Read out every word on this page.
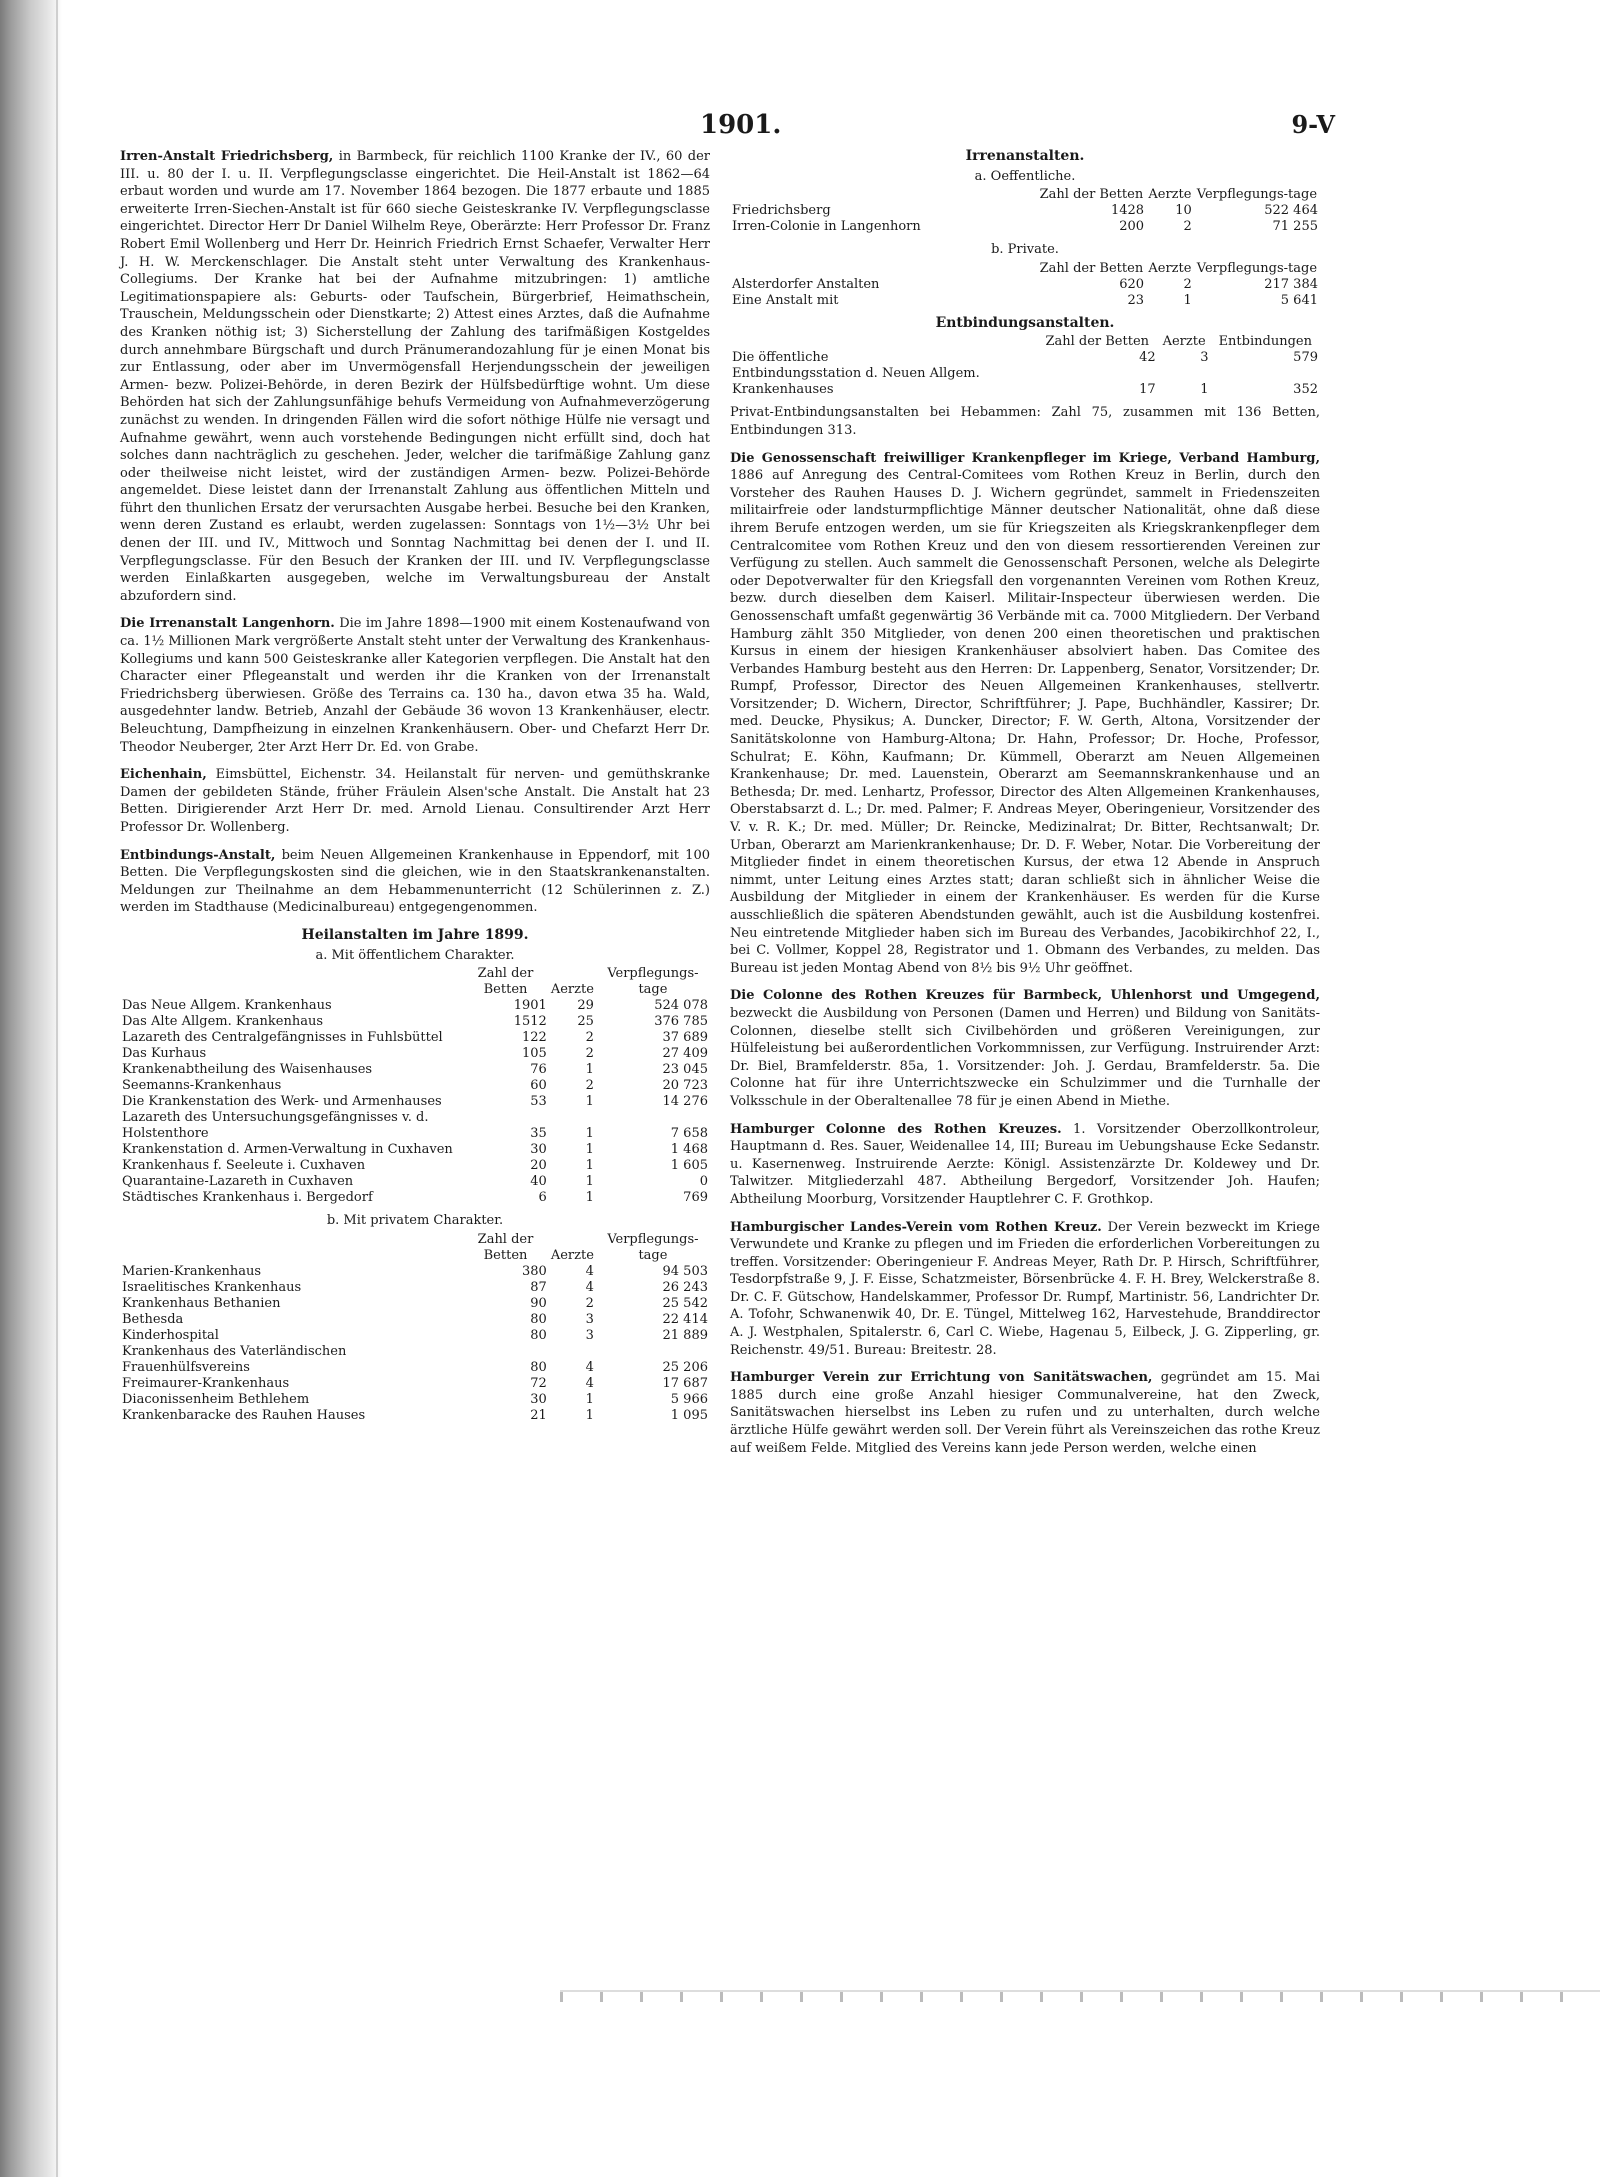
1901.	9-V

Irren-Anstalt Friedrichsberg, in Barmbeck, für reichlich 1100 Kranke der IV., 60 der III. u. 80 der I. u. II. Verpflegungsclasse eingerichtet. Die Heil-Anstalt ist 1862—64 erbaut worden und wurde am 17. November 1864 bezogen. Die 1877 erbaute und 1885 erweiterte Irren-Siechen-Anstalt ist für 660 sieche Geisteskranke IV. Verpflegungsclasse eingerichtet. Director Herr Dr Daniel Wilhelm Reye, Oberärzte: Herr Professor Dr. Franz Robert Emil Wollenberg und Herr Dr. Heinrich Friedrich Ernst Schaefer, Verwalter Herr J. H. W. Merckenschlager. Die Anstalt steht unter Verwaltung des Krankenhaus-Collegiums. Der Kranke hat bei der Aufnahme mitzubringen: 1) amtliche Legitimationspapiere als: Geburts- oder Taufschein, Bürgerbrief, Heimathschein, Trauschein, Meldungsschein oder Dienstkarte; 2) Attest eines Arztes, daß die Aufnahme des Kranken nöthig ist; 3) Sicherstellung der Zahlung des tarifmäßigen Kostgeldes durch annehmbare Bürgschaft und durch Pränumerandozahlung für je einen Monat bis zur Entlassung, oder aber im Unvermögensfall Herjendungsschein der jeweiligen Armen- bezw. Polizei-Behörde, in deren Bezirk der Hülfsbedürftige wohnt. Um diese Behörden hat sich der Zahlungsunfähige behufs Vermeidung von Aufnahmeverzögerung zunächst zu wenden. In dringenden Fällen wird die sofort nöthige Hülfe nie versagt und Aufnahme gewährt, wenn auch vorstehende Bedingungen nicht erfüllt sind, doch hat solches dann nachträglich zu geschehen. Jeder, welcher die tarifmäßige Zahlung ganz oder theilweise nicht leistet, wird der zuständigen Armen- bezw. Polizei-Behörde angemeldet. Diese leistet dann der Irrenanstalt Zahlung aus öffentlichen Mitteln und führt den thunlichen Ersatz der verursachten Ausgabe herbei. Besuche bei den Kranken, wenn deren Zustand es erlaubt, werden zugelassen: Sonntags von 1½—3½ Uhr bei denen der III. und IV., Mittwoch und Sonntag Nachmittag bei denen der I. und II. Verpflegungsclasse. Für den Besuch der Kranken der III. und IV. Verpflegungsclasse werden Einlaßkarten ausgegeben, welche im Verwaltungsbureau der Anstalt abzufordern sind.

Die Irrenanstalt Langenhorn. Die im Jahre 1898—1900 mit einem Kostenaufwand von ca. 1½ Millionen Mark vergrößerte Anstalt steht unter der Verwaltung des Krankenhaus-Kollegiums und kann 500 Geisteskranke aller Kategorien verpflegen. Die Anstalt hat den Character einer Pflegeanstalt und werden ihr die Kranken von der Irrenanstalt Friedrichsberg überwiesen. Größe des Terrains ca. 130 ha., davon etwa 35 ha. Wald, ausgedehnter landw. Betrieb, Anzahl der Gebäude 36 wovon 13 Krankenhäuser, electr. Beleuchtung, Dampfheizung in einzelnen Krankenhäusern. Ober- und Chefarzt Herr Dr. Theodor Neuberger, 2ter Arzt Herr Dr. Ed. von Grabe.

Eichenhain, Eimsbüttel, Eichenstr. 34. Heilanstalt für nerven- und gemüthskranke Damen der gebildeten Stände, früher Fräulein Alsen'sche Anstalt. Die Anstalt hat 23 Betten. Dirigierender Arzt Herr Dr. med. Arnold Lienau. Consultirender Arzt Herr Professor Dr. Wollenberg.

Entbindungs-Anstalt, beim Neuen Allgemeinen Krankenhause in Eppendorf, mit 100 Betten. Die Verpflegungskosten sind die gleichen, wie in den Staatskrankenanstalten. Meldungen zur Theilnahme an dem Hebammenunterricht (12 Schülerinnen z. Z.) werden im Stadthause (Medicinalbureau) entgegengenommen.

Heilanstalten im Jahre 1899.
a. Mit öffentlichem Charakter.
	Zahl der Betten	Aerzte	Verpflegungs-tage
Das Neue Allgem. Krankenhaus	1901	29	524 078
Das Alte Allgem. Krankenhaus	1512	25	376 785
Lazareth des Centralgefängnisses in Fuhlsbüttel	122	2	37 689
Das Kurhaus	105	2	27 409
Krankenabtheilung des Waisenhauses	76	1	23 045
Seemanns-Krankenhaus	60	2	20 723
Die Krankenstation des Werk- und Armenhauses	53	1	14 276
Lazareth des Untersuchungsgefängnisses v. d. Holstenthore	35	1	7 658
Krankenstation d. Armen-Verwaltung in Cuxhaven	30	1	1 468
Krankenhaus f. Seeleute i. Cuxhaven	20	1	1 605
Quarantaine-Lazareth in Cuxhaven	40	1	0
Städtisches Krankenhaus i. Bergedorf	6	1	769
b. Mit privatem Charakter.
	Zahl der Betten	Aerzte	Verpflegungs-tage
Marien-Krankenhaus	380	4	94 503
Israelitisches Krankenhaus	87	4	26 243
Krankenhaus Bethanien	90	2	25 542
Bethesda	80	3	22 414
Kinderhospital	80	3	21 889
Krankenhaus des Vaterländischen Frauenhülfsvereins	80	4	25 206
Freimaurer-Krankenhaus	72	4	17 687
Diaconissenheim Bethlehem	30	1	5 966
Krankenbaracke des Rauhen Hauses	21	1	1 095
Irrenanstalten.
a. Oeffentliche.
	Zahl der Betten	Aerzte	Verpflegungs-tage
Friedrichsberg	1428	10	522 464
Irren-Colonie in Langenhorn	200	2	71 255
b. Private.
	Zahl der Betten	Aerzte	Verpflegungs-tage
Alsterdorfer Anstalten	620	2	217 384
Eine Anstalt mit	23	1	5 641
Entbindungsanstalten.
	Zahl der Betten	Aerzte	Entbindungen
Die öffentliche	42	3	579
Entbindungsstation d. Neuen Allgem. Krankenhauses	17	1	352

Privat-Entbindungsanstalten bei Hebammen: Zahl 75, zusammen mit 136 Betten, Entbindungen 313.

Die Genossenschaft freiwilliger Krankenpfleger im Kriege, Verband Hamburg, 1886 auf Anregung des Central-Comitees vom Rothen Kreuz in Berlin, durch den Vorsteher des Rauhen Hauses D. J. Wichern gegründet, sammelt in Friedenszeiten militairfreie oder landsturmpflichtige Männer deutscher Nationalität, ohne daß diese ihrem Berufe entzogen werden, um sie für Kriegszeiten als Kriegskrankenpfleger dem Centralcomitee vom Rothen Kreuz und den von diesem ressortierenden Vereinen zur Verfügung zu stellen. Auch sammelt die Genossenschaft Personen, welche als Delegirte oder Depotverwalter für den Kriegsfall den vorgenannten Vereinen vom Rothen Kreuz, bezw. durch dieselben dem Kaiserl. Militair-Inspecteur überwiesen werden. Die Genossenschaft umfaßt gegenwärtig 36 Verbände mit ca. 7000 Mitgliedern. Der Verband Hamburg zählt 350 Mitglieder, von denen 200 einen theoretischen und praktischen Kursus in einem der hiesigen Krankenhäuser absolviert haben. Das Comitee des Verbandes Hamburg besteht aus den Herren: Dr. Lappenberg, Senator, Vorsitzender; Dr. Rumpf, Professor, Director des Neuen Allgemeinen Krankenhauses, stellvertr. Vorsitzender; D. Wichern, Director, Schriftführer; J. Pape, Buchhändler, Kassirer; Dr. med. Deucke, Physikus; A. Duncker, Director; F. W. Gerth, Altona, Vorsitzender der Sanitätskolonne von Hamburg-Altona; Dr. Hahn, Professor; Dr. Hoche, Professor, Schulrat; E. Köhn, Kaufmann; Dr. Kümmell, Oberarzt am Neuen Allgemeinen Krankenhause; Dr. med. Lauenstein, Oberarzt am Seemannskrankenhause und an Bethesda; Dr. med. Lenhartz, Professor, Director des Alten Allgemeinen Krankenhauses, Oberstabsarzt d. L.; Dr. med. Palmer; F. Andreas Meyer, Oberingenieur, Vorsitzender des V. v. R. K.; Dr. med. Müller; Dr. Reincke, Medizinalrat; Dr. Bitter, Rechtsanwalt; Dr. Urban, Oberarzt am Marienkrankenhause; Dr. D. F. Weber, Notar. Die Vorbereitung der Mitglieder findet in einem theoretischen Kursus, der etwa 12 Abende in Anspruch nimmt, unter Leitung eines Arztes statt; daran schließt sich in ähnlicher Weise die Ausbildung der Mitglieder in einem der Krankenhäuser. Es werden für die Kurse ausschließlich die späteren Abendstunden gewählt, auch ist die Ausbildung kostenfrei. Neu eintretende Mitglieder haben sich im Bureau des Verbandes, Jacobikirchhof 22, I., bei C. Vollmer, Koppel 28, Registrator und 1. Obmann des Verbandes, zu melden. Das Bureau ist jeden Montag Abend von 8½ bis 9½ Uhr geöffnet.

Die Colonne des Rothen Kreuzes für Barmbeck, Uhlenhorst und Umgegend, bezweckt die Ausbildung von Personen (Damen und Herren) und Bildung von Sanitäts-Colonnen, dieselbe stellt sich Civilbehörden und größeren Vereinigungen, zur Hülfeleistung bei außerordentlichen Vorkommnissen, zur Verfügung. Instruirender Arzt: Dr. Biel, Bramfelderstr. 85a, 1. Vorsitzender: Joh. J. Gerdau, Bramfelderstr. 5a. Die Colonne hat für ihre Unterrichtszwecke ein Schulzimmer und die Turnhalle der Volksschule in der Oberaltenallee 78 für je einen Abend in Miethe.

Hamburger Colonne des Rothen Kreuzes. 1. Vorsitzender Oberzollkontroleur, Hauptmann d. Res. Sauer, Weidenallee 14, III; Bureau im Uebungshause Ecke Sedanstr. u. Kasernenweg. Instruirende Aerzte: Königl. Assistenzärzte Dr. Koldewey und Dr. Talwitzer. Mitgliederzahl 487. Abtheilung Bergedorf, Vorsitzender Joh. Haufen; Abtheilung Moorburg, Vorsitzender Hauptlehrer C. F. Grothkop.

Hamburgischer Landes-Verein vom Rothen Kreuz. Der Verein bezweckt im Kriege Verwundete und Kranke zu pflegen und im Frieden die erforderlichen Vorbereitungen zu treffen. Vorsitzender: Oberingenieur F. Andreas Meyer, Rath Dr. P. Hirsch, Schriftführer, Tesdorpfstraße 9, J. F. Eisse, Schatzmeister, Börsenbrücke 4. F. H. Brey, Welckerstraße 8. Dr. C. F. Gütschow, Handelskammer, Professor Dr. Rumpf, Martinistr. 56, Landrichter Dr. A. Tofohr, Schwanenwik 40, Dr. E. Tüngel, Mittelweg 162, Harvestehude, Branddirector A. J. Westphalen, Spitalerstr. 6, Carl C. Wiebe, Hagenau 5, Eilbeck, J. G. Zipperling, gr. Reichenstr. 49/51. Bureau: Breitestr. 28.

Hamburger Verein zur Errichtung von Sanitätswachen, gegründet am 15. Mai 1885 durch eine große Anzahl hiesiger Communalvereine, hat den Zweck, Sanitätswachen hierselbst ins Leben zu rufen und zu unterhalten, durch welche ärztliche Hülfe gewährt werden soll. Der Verein führt als Vereinszeichen das rothe Kreuz auf weißem Felde. Mitglied des Vereins kann jede Person werden, welche einen
